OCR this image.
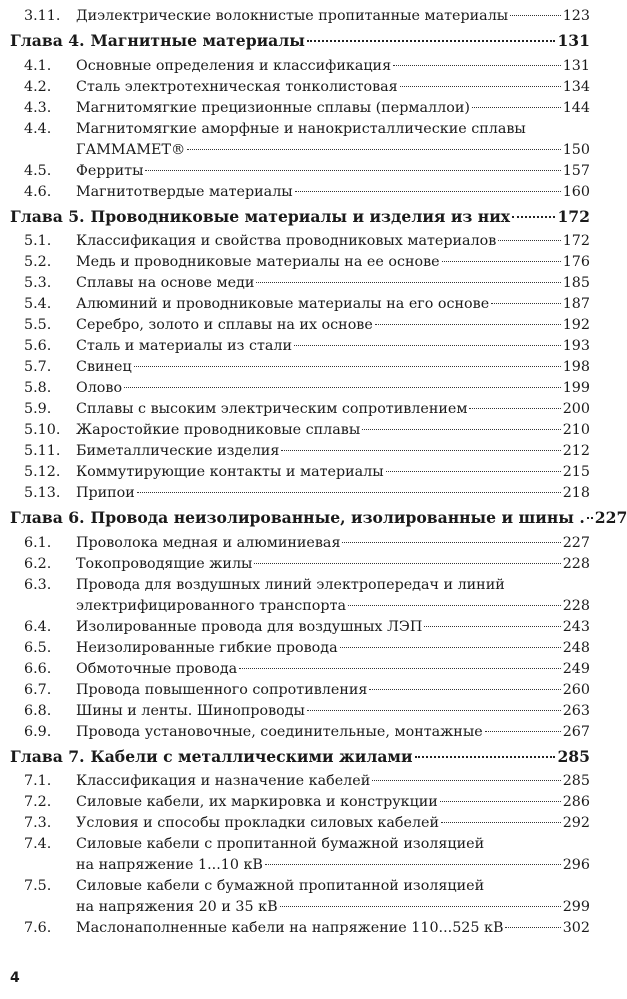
3.11.	Диэлектрические волокнистые пропитанные материалы	123
Глава 4. Магнитные материалы	131
4.1.	Основные определения и классификация	131
4.2.	Сталь электротехническая тонколистовая	134
4.3.	Магнитомягкие прецизионные сплавы (пермаллои)	144
4.4.	Магнитомягкие аморфные и нанокристаллические сплавы
ГАММАМЕТ®	150
4.5.	Ферриты	157
4.6.	Магнитотвердые материалы	160
Глава 5. Проводниковые материалы и изделия из них	172
5.1.	Классификация и свойства проводниковых материалов	172
5.2.	Медь и проводниковые материалы на ее основе	176
5.3.	Сплавы на основе меди	185
5.4.	Алюминий и проводниковые материалы на его основе	187
5.5.	Серебро, золото и сплавы на их основе	192
5.6.	Сталь и материалы из стали	193
5.7.	Свинец	198
5.8.	Олово	199
5.9.	Сплавы с высоким электрическим сопротивлением	200
5.10.	Жаростойкие проводниковые сплавы	210
5.11.	Биметаллические изделия	212
5.12.	Коммутирующие контакты и материалы	215
5.13.	Припои	218
Глава 6. Провода неизолированные, изолированные и шины . 227
6.1.	Проволока медная и алюминиевая	227
6.2.	Токопроводящие жилы	228
6.3.	Провода для воздушных линий электропередач и линий
электрифицированного транспорта	228
6.4.	Изолированные провода для воздушных ЛЭП	243
6.5.	Неизолированные гибкие провода	248
6.6.	Обмоточные провода	249
6.7.	Провода повышенного сопротивления	260
6.8.	Шины и ленты. Шинопроводы	263
6.9.	Провода установочные, соединительные, монтажные	267
Глава 7. Кабели с металлическими жилами	285
7.1.	Классификация и назначение кабелей	285
7.2.	Силовые кабели, их маркировка и конструкции	286
7.3.	Условия и способы прокладки силовых кабелей	292
7.4.	Силовые кабели с пропитанной бумажной изоляцией
на напряжение 1...10 кВ	296
7.5.	Силовые кабели с бумажной пропитанной изоляцией
на напряжения 20 и 35 кВ	299
7.6.	Маслонаполненные кабели на напряжение 110...525 кВ	302
4
